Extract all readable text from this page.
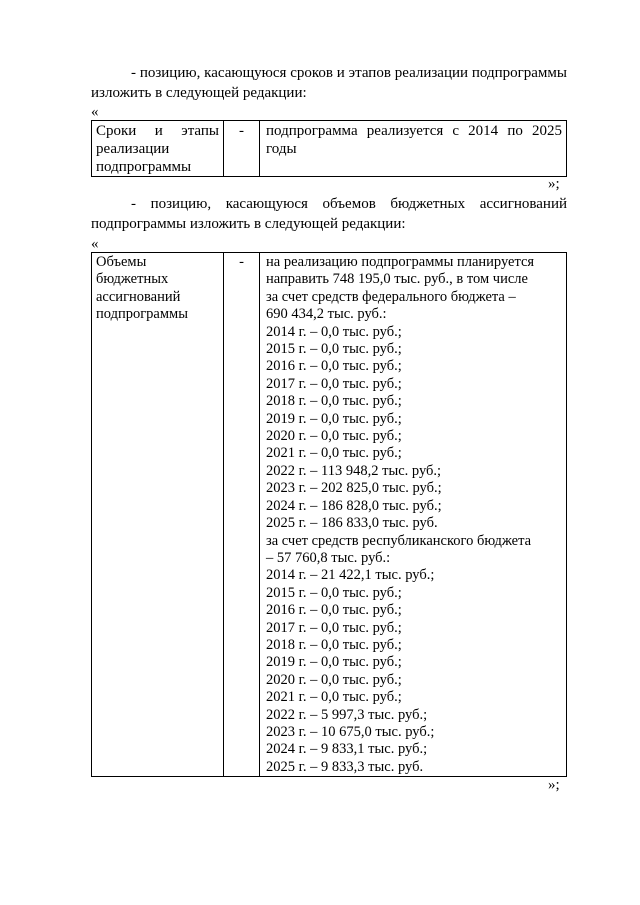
- позицию, касающуюся сроков и этапов реализации подпрограммы
изложить в следующей редакции:
«
Сроки и этапы
реализации
подпрограммы
	-	подпрограмма реализуется с 2014 по 2025
годы
»;
- позицию, касающуюся объемов бюджетных ассигнований
подпрограммы изложить в следующей редакции:
«
Объемы
бюджетных
ассигнований
подпрограммы
	-	на реализацию подпрограммы планируется
направить 748 195,0 тыс. руб., в том числе
за счет средств федерального бюджета –
690 434,2 тыс. руб.:
2014 г. – 0,0 тыс. руб.;
2015 г. – 0,0 тыс. руб.;
2016 г. – 0,0 тыс. руб.;
2017 г. – 0,0 тыс. руб.;
2018 г. – 0,0 тыс. руб.;
2019 г. – 0,0 тыс. руб.;
2020 г. – 0,0 тыс. руб.;
2021 г. – 0,0 тыс. руб.;
2022 г. – 113 948,2 тыс. руб.;
2023 г. – 202 825,0 тыс. руб.;
2024 г. – 186 828,0 тыс. руб.;
2025 г. – 186 833,0 тыс. руб.
за счет средств республиканского бюджета
– 57 760,8 тыс. руб.:
2014 г. – 21 422,1 тыс. руб.;
2015 г. – 0,0 тыс. руб.;
2016 г. – 0,0 тыс. руб.;
2017 г. – 0,0 тыс. руб.;
2018 г. – 0,0 тыс. руб.;
2019 г. – 0,0 тыс. руб.;
2020 г. – 0,0 тыс. руб.;
2021 г. – 0,0 тыс. руб.;
2022 г. – 5 997,3 тыс. руб.;
2023 г. – 10 675,0 тыс. руб.;
2024 г. – 9 833,1 тыс. руб.;
2025 г. – 9 833,3 тыс. руб.
»;
